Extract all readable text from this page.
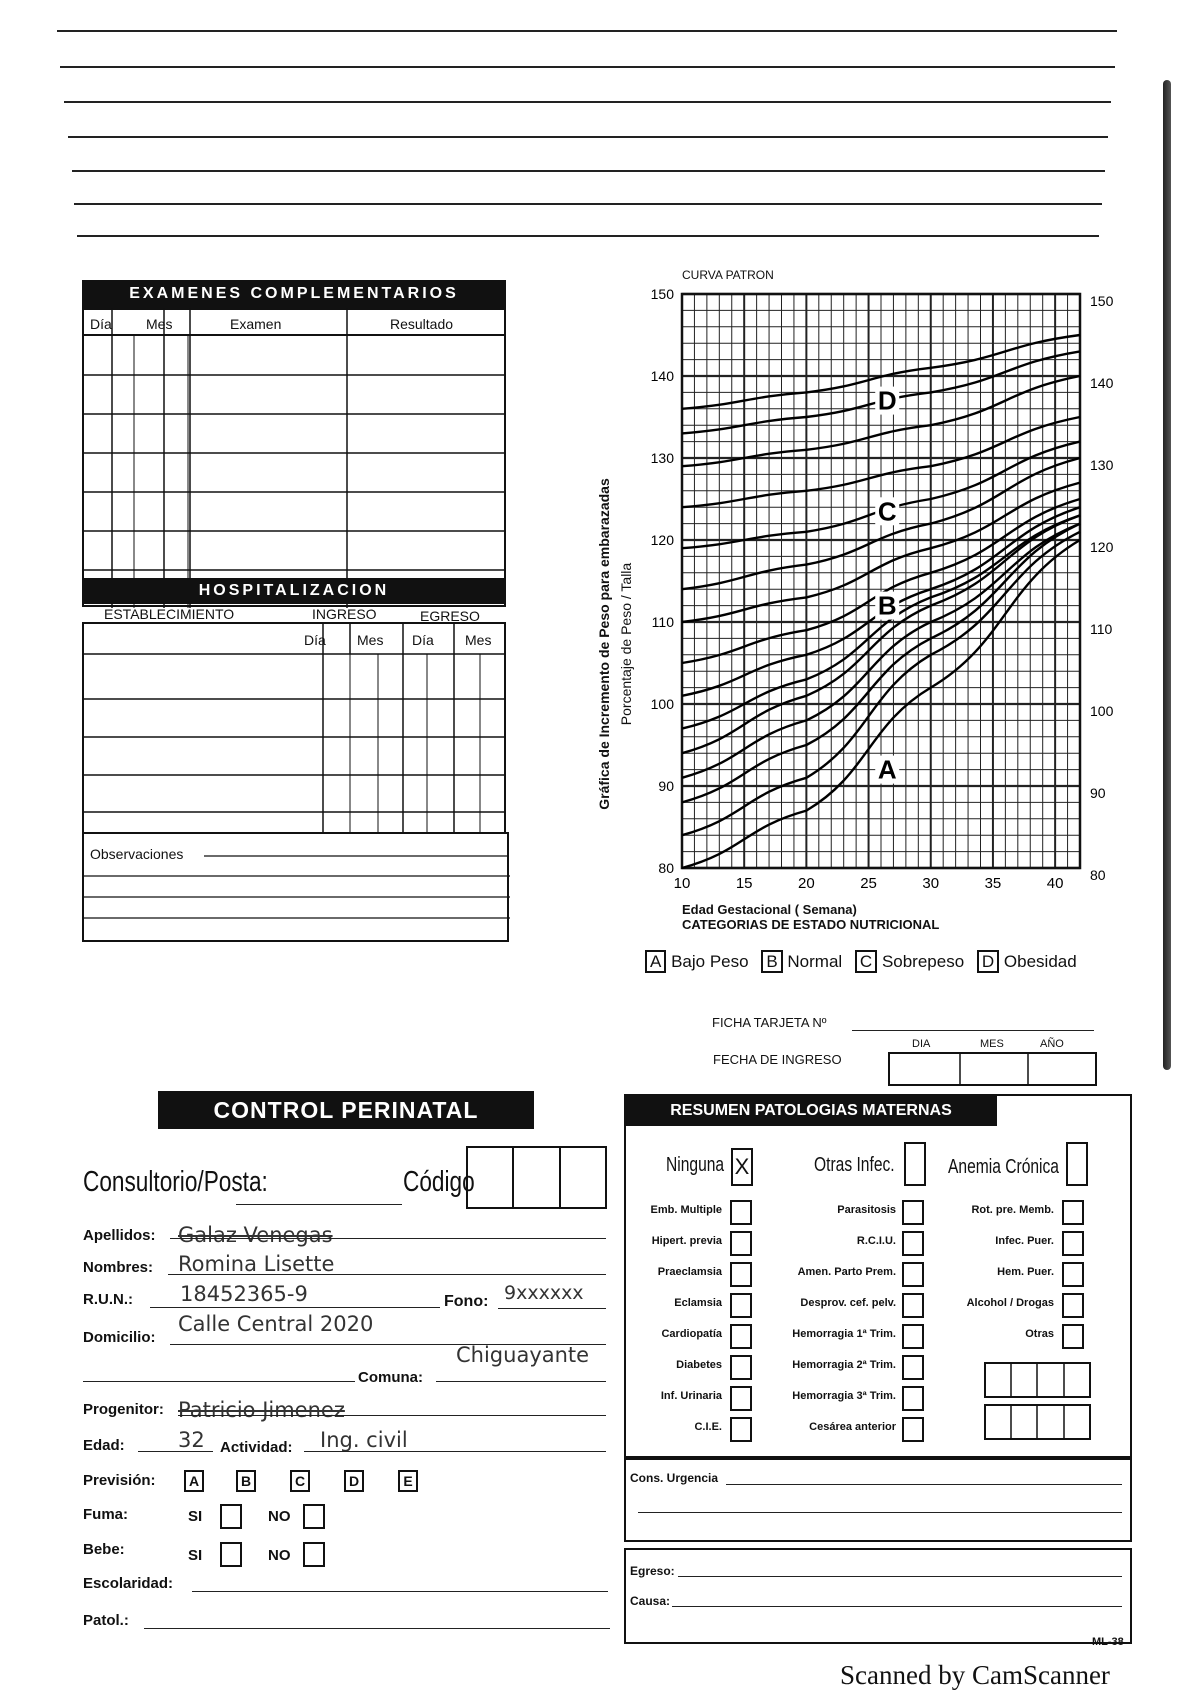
EXAMENES COMPLEMENTARIOS
Día Mes	Examen	Resultado
HOSPITALIZACION
ESTABLECIMIENTO	INGRESO	EGRESO
Día Mes Día Mes
Observaciones
CURVA PATRON
Gráfica de Incremento de Peso para embarazadas Porcentaje de Peso / Talla
A
B
C
D
80	80
90	90
100	100
110	110
120	120
130	130
140	140
150	150
10	15	20	25	30	35	40
Edad Gestacional ( Semana)
CATEGORIAS DE ESTADO NUTRICIONAL
A Bajo Peso B Normal C Sobrepeso D Obesidad
FICHA TARJETA Nº
FECHA DE INGRESO
DIA	MES	AÑO
CONTROL PERINATAL
Consultorio/Posta:	Código
Apellidos: Galaz Venegas
Nombres: Romina Lisette
R.U.N.: 18452365-9	Fono: 9xxxxxx
Domicilio:
Calle Central 2020
Comuna:
Chiguayante
Progenitor: Patricio Jimenez
Edad:	32 Actividad: Ing. civil
Previsión:	A	B	C	D	E
Fuma:	SI	NO
Bebe:	SI	NO
Escolaridad:
Patol.:
RESUMEN PATOLOGIAS MATERNAS
Ninguna X	Otras Infec.	Anemia Crónica
Emb. Multiple
Hipert. previa
Praeclamsia
Eclamsia
Cardiopatía
Diabetes
Inf. Urinaria
C.I.E.
Parasitosis
R.C.I.U.
Amen. Parto Prem.
Desprov. cef. pelv.
Hemorragia 1ª Trim.
Hemorragia 2ª Trim.
Hemorragia 3ª Trim.
Cesárea anterior
Rot. pre. Memb.
Infec. Puer.
Hem. Puer.
Alcohol / Drogas
Otras
Cons. Urgencia
Egreso:
Causa:
ML-38
Scanned by CamScanner
